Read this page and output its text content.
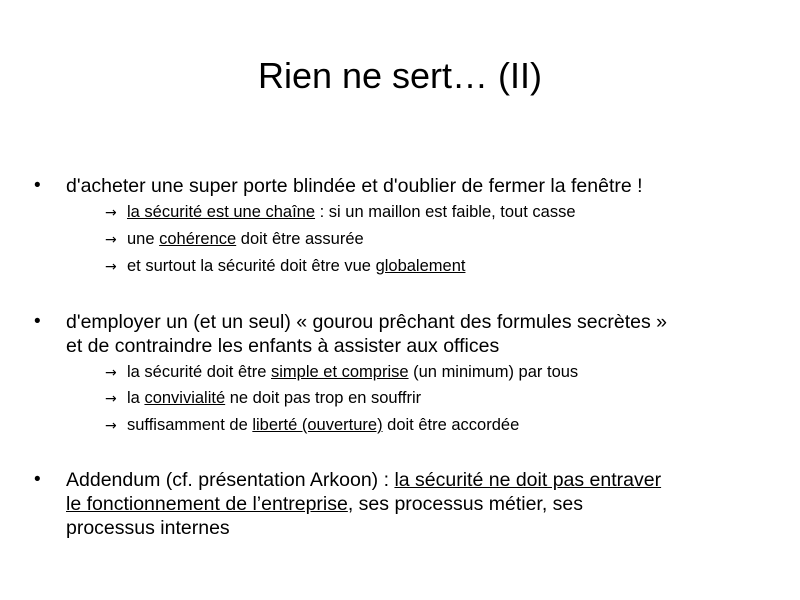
Rien ne sert… (II)
• d'acheter une super porte blindée et d'oublier de fermer la fenêtre !
→ la sécurité est une chaîne : si un maillon est faible, tout casse
→ une cohérence doit être assurée
→ et surtout la sécurité doit être vue globalement
• d'employer un (et un seul) « gourou prêchant des formules secrètes »
et de contraindre les enfants à assister aux offices
→ la sécurité doit être simple et comprise (un minimum) par tous
→ la convivialité ne doit pas trop en souffrir
→ suffisamment de liberté (ouverture) doit être accordée
• Addendum (cf. présentation Arkoon) : la sécurité ne doit pas entraver
le fonctionnement de l’entreprise, ses processus métier, ses
processus internes
